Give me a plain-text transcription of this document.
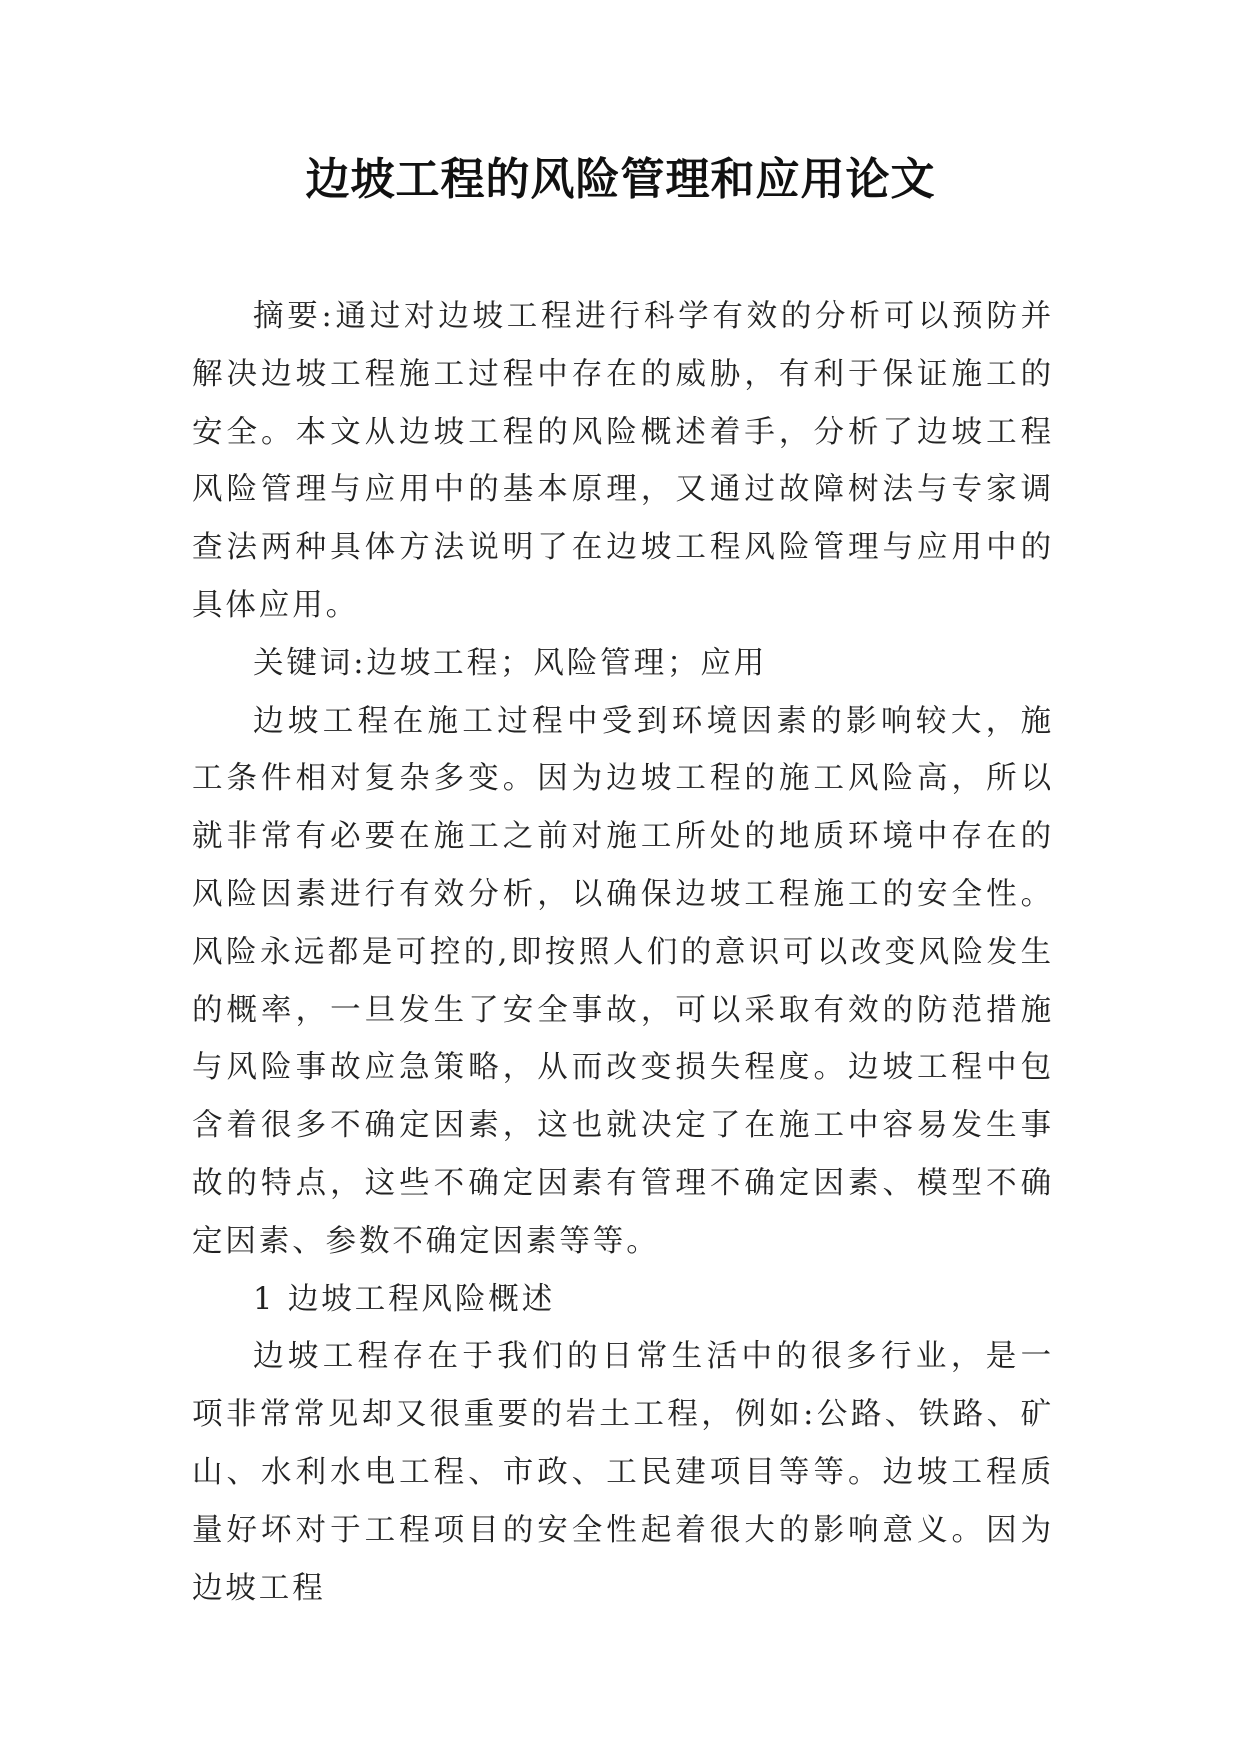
边坡工程的风险管理和应用论文

摘要:通过对边坡工程进行科学有效的分析可以预防并解决边坡工程施工过程中存在的威胁，有利于保证施工的安全。本文从边坡工程的风险概述着手，分析了边坡工程风险管理与应用中的基本原理，又通过故障树法与专家调查法两种具体方法说明了在边坡工程风险管理与应用中的具体应用。

关键词:边坡工程；风险管理；应用

边坡工程在施工过程中受到环境因素的影响较大，施工条件相对复杂多变。因为边坡工程的施工风险高，所以就非常有必要在施工之前对施工所处的地质环境中存在的风险因素进行有效分析，以确保边坡工程施工的安全性。风险永远都是可控的,即按照人们的意识可以改变风险发生的概率，一旦发生了安全事故，可以采取有效的防范措施与风险事故应急策略，从而改变损失程度。边坡工程中包含着很多不确定因素，这也就决定了在施工中容易发生事故的特点，这些不确定因素有管理不确定因素、模型不确定因素、参数不确定因素等等。

1 边坡工程风险概述

边坡工程存在于我们的日常生活中的很多行业，是一项非常常见却又很重要的岩土工程，例如:公路、铁路、矿山、水利水电工程、市政、工民建项目等等。边坡工程质量好坏对于工程项目的安全性起着很大的影响意义。因为边坡工程
